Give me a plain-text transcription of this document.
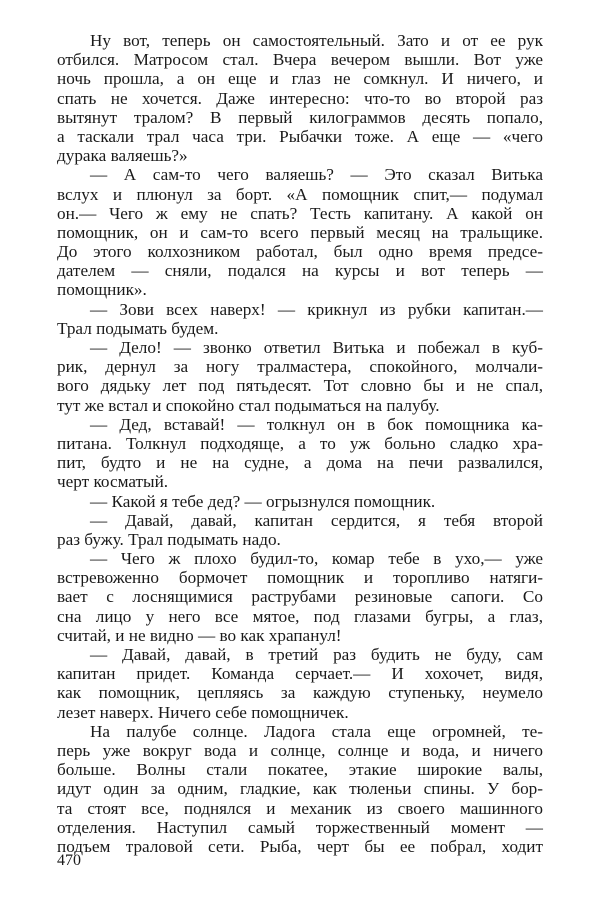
Ну вот, теперь он самостоятельный. Зато и от ее рук
отбился. Матросом стал. Вчера вечером вышли. Вот уже
ночь прошла, а он еще и глаз не сомкнул. И ничего, и
спать не хочется. Даже интересно: что-то во второй раз
вытянут тралом? В первый килограммов десять попало,
а таскали трал часа три. Рыбачки тоже. А еще — «чего
дурака валяешь?»
— А сам-то чего валяешь? — Это сказал Витька
вслух и плюнул за борт. «А помощник спит,— подумал
он.— Чего ж ему не спать? Тесть капитану. А какой он
помощник, он и сам-то всего первый месяц на тральщике.
До этого колхозником работал, был одно время предсе-
дателем — сняли, подался на курсы и вот теперь —
помощник».
— Зови всех наверх! — крикнул из рубки капитан.—
Трал подымать будем.
— Дело! — звонко ответил Витька и побежал в куб-
рик, дернул за ногу тралмастера, спокойного, молчали-
вого дядьку лет под пятьдесят. Тот словно бы и не спал,
тут же встал и спокойно стал подыматься на палубу.
— Дед, вставай! — толкнул он в бок помощника ка-
питана. Толкнул подходяще, а то уж больно сладко хра-
пит, будто и не на судне, а дома на печи развалился,
черт косматый.
— Какой я тебе дед? — огрызнулся помощник.
— Давай, давай, капитан сердится, я тебя второй
раз бужу. Трал подымать надо.
— Чего ж плохо будил-то, комар тебе в ухо,— уже
встревоженно бормочет помощник и торопливо натяги-
вает с лоснящимися раструбами резиновые сапоги. Со
сна лицо у него все мятое, под глазами бугры, а глаз,
считай, и не видно — во как храпанул!
— Давай, давай, в третий раз будить не буду, сам
капитан придет. Команда серчает.— И хохочет, видя,
как помощник, цепляясь за каждую ступеньку, неумело
лезет наверх. Ничего себе помощничек.
На палубе солнце. Ладога стала еще огромней, те-
перь уже вокруг вода и солнце, солнце и вода, и ничего
больше. Волны стали покатее, этакие широкие валы,
идут один за одним, гладкие, как тюленьи спины. У бор-
та стоят все, поднялся и механик из своего машинного
отделения. Наступил самый торжественный момент —
подъем траловой сети. Рыба, черт бы ее побрал, ходит
470
